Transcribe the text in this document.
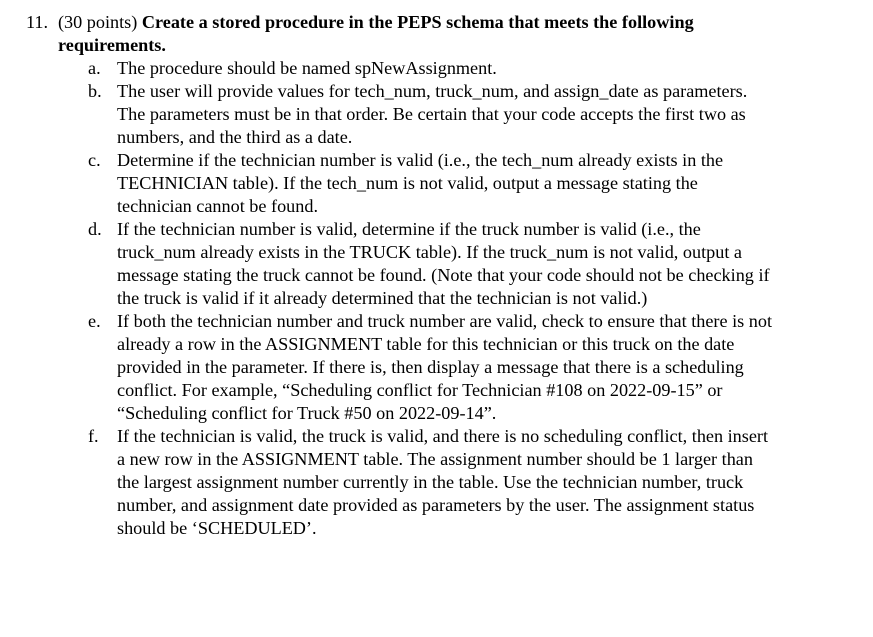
11. (30 points) Create a stored procedure in the PEPS schema that meets the following requirements.
a. The procedure should be named spNewAssignment.
b. The user will provide values for tech_num, truck_num, and assign_date as parameters. The parameters must be in that order. Be certain that your code accepts the first two as numbers, and the third as a date.
c. Determine if the technician number is valid (i.e., the tech_num already exists in the TECHNICIAN table). If the tech_num is not valid, output a message stating the technician cannot be found.
d. If the technician number is valid, determine if the truck number is valid (i.e., the truck_num already exists in the TRUCK table). If the truck_num is not valid, output a message stating the truck cannot be found. (Note that your code should not be checking if the truck is valid if it already determined that the technician is not valid.)
e. If both the technician number and truck number are valid, check to ensure that there is not already a row in the ASSIGNMENT table for this technician or this truck on the date provided in the parameter. If there is, then display a message that there is a scheduling conflict. For example, “Scheduling conflict for Technician #108 on 2022-09-15” or “Scheduling conflict for Truck #50 on 2022-09-14”.
f. If the technician is valid, the truck is valid, and there is no scheduling conflict, then insert a new row in the ASSIGNMENT table. The assignment number should be 1 larger than the largest assignment number currently in the table. Use the technician number, truck number, and assignment date provided as parameters by the user. The assignment status should be ‘SCHEDULED’.
